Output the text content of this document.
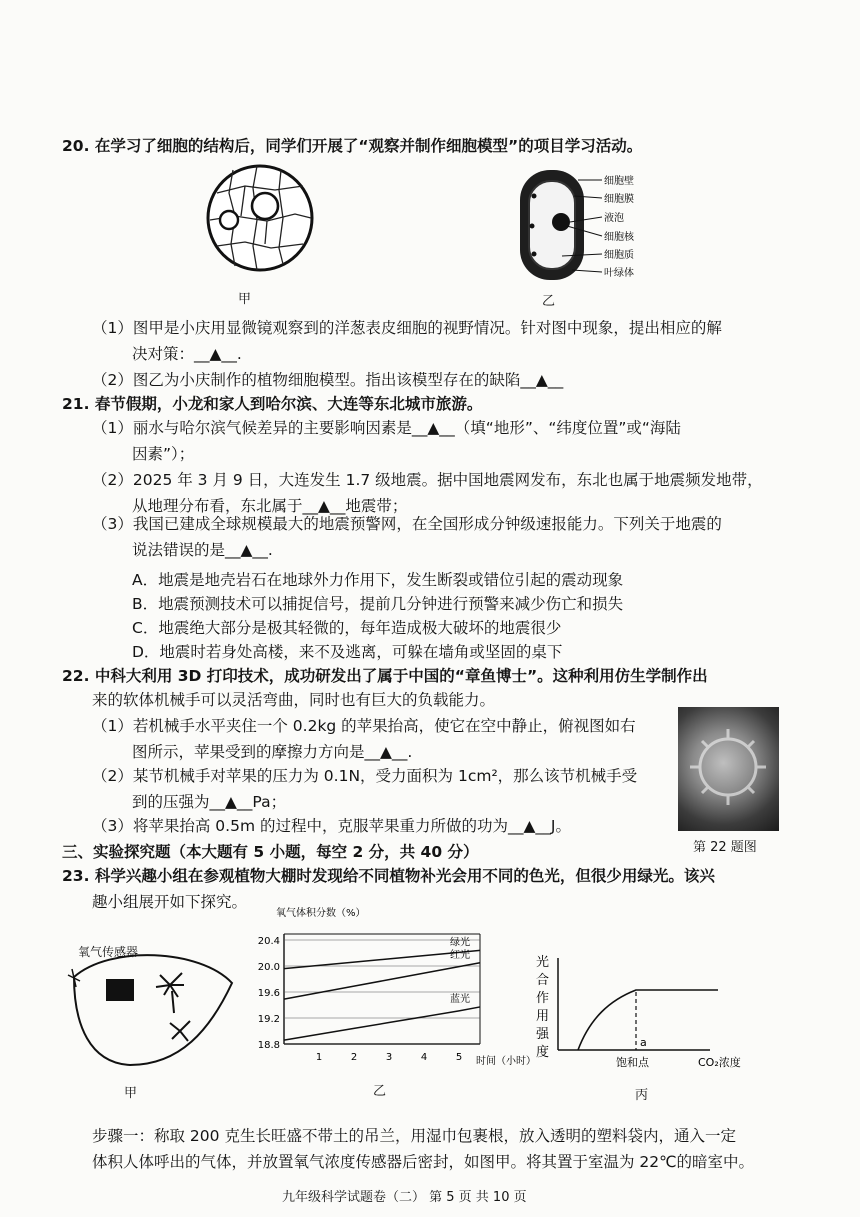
20. 在学习了细胞的结构后，同学们开展了“观察并制作细胞模型”的项目学习活动。
甲
细胞壁
细胞膜
液泡
细胞核
细胞质
叶绿体
乙
（1）图甲是小庆用显微镜观察到的洋葱表皮细胞的视野情况。针对图中现象，提出相应的解
决对策：__▲__.
（2）图乙为小庆制作的植物细胞模型。指出该模型存在的缺陷__▲__
21. 春节假期，小龙和家人到哈尔滨、大连等东北城市旅游。
（1）丽水与哈尔滨气候差异的主要影响因素是__▲__（填“地形”、“纬度位置”或“海陆
因素”）；
（2）2025 年 3 月 9 日，大连发生 1.7 级地震。据中国地震网发布，东北也属于地震频发地带，
从地理分布看，东北属于__▲__地震带；
（3）我国已建成全球规模最大的地震预警网，在全国形成分钟级速报能力。下列关于地震的
说法错误的是__▲__.
A．地震是地壳岩石在地球外力作用下，发生断裂或错位引起的震动现象
B．地震预测技术可以捕捉信号，提前几分钟进行预警来减少伤亡和损失
C．地震绝大部分是极其轻微的，每年造成极大破坏的地震很少
D．地震时若身处高楼，来不及逃离，可躲在墙角或坚固的桌下
22. 中科大利用 3D 打印技术，成功研发出了属于中国的“章鱼博士”。这种利用仿生学制作出
来的软体机械手可以灵活弯曲，同时也有巨大的负载能力。
（1）若机械手水平夹住一个 0.2kg 的苹果抬高，使它在空中静止，俯视图如右
图所示，苹果受到的摩擦力方向是__▲__.
（2）某节机械手对苹果的压力为 0.1N，受力面积为 1cm²，那么该节机械手受
到的压强为__▲__Pa；
（3）将苹果抬高 0.5m 的过程中，克服苹果重力所做的功为__▲__J。
第 22 题图
三、实验探究题（本大题有 5 小题，每空 2 分，共 40 分）
23. 科学兴趣小组在参观植物大棚时发现给不同植物补光会用不同的色光，但很少用绿光。该兴
趣小组展开如下探究。
氧气传感器
甲
氧气体积分数（%）
18.8
19.2
19.6
20.0
20.4
1	2	3	4	5
绿光
红光
蓝光
时间（小时）
乙
光
合
作
用
强
度
a
饱和点	CO₂浓度
丙
步骤一：称取 200 克生长旺盛不带土的吊兰，用湿巾包裹根，放入透明的塑料袋内，通入一定
体积人体呼出的气体，并放置氧气浓度传感器后密封，如图甲。将其置于室温为 22℃的暗室中。
九年级科学试题卷（二） 第 5 页 共 10 页
